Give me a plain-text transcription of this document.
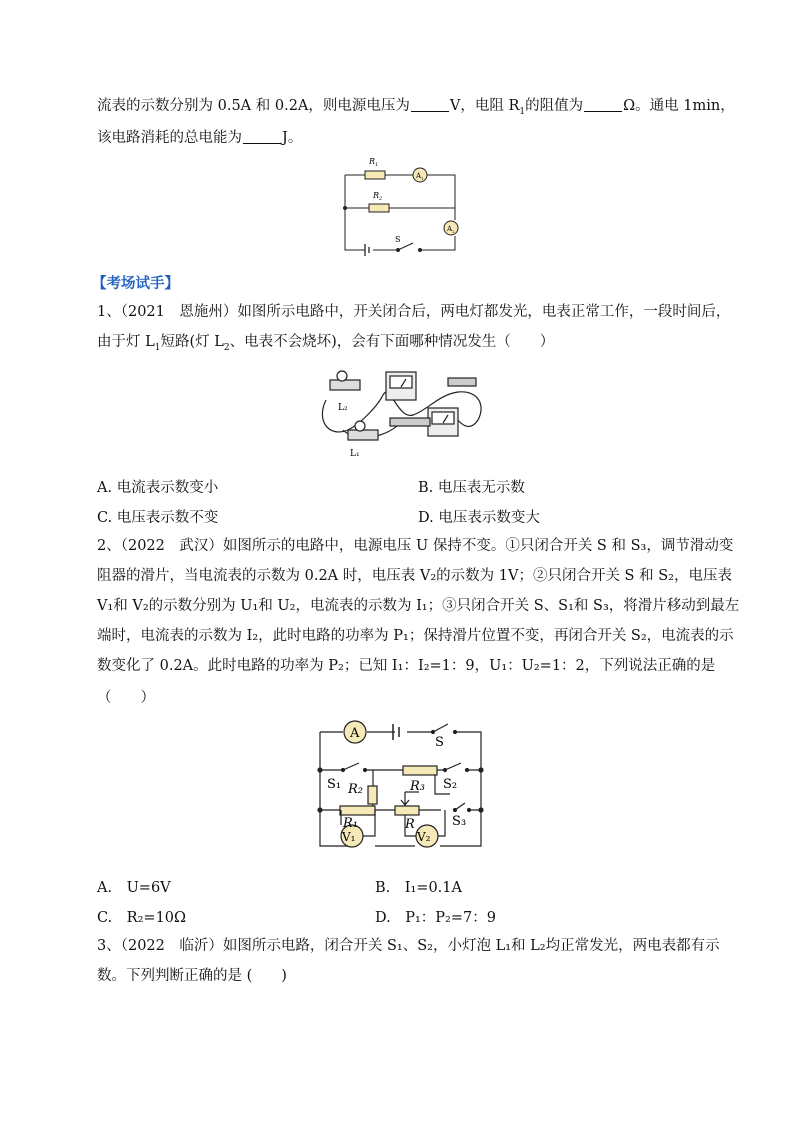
流表的示数分别为 0.5A 和 0.2A，则电源电压为	V，电阻 $R_1$的阻值为	Ω。通电 1min，
该电路消耗的总电能为	J。
$R_1$
$R_2$
$A_1$
$A_2$
S
【考场试手】
1、（2021　恩施州）如图所示电路中，开关闭合后，两电灯都发光，电表正常工作，一段时间后，
由于灯 $L_1$短路(灯 $L_2$、电表不会烧坏)，会有下面哪种情况发生（　　）
L₂
L₁
A. 电流表示数变小	B. 电压表无示数
C. 电压表示数不变	D. 电压表示数变大
2、（2022　武汉）如图所示的电路中，电源电压 U 保持不变。①只闭合开关 S 和 S₃，调节滑动变
阻器的滑片，当电流表的示数为 0.2A 时，电压表 V₂的示数为 1V；②只闭合开关 S 和 S₂，电压表
V₁和 V₂的示数分别为 U₁和 U₂，电流表的示数为 I₁；③只闭合开关 S、S₁和 S₃，将滑片移动到最左
端时，电流表的示数为 I₂，此时电路的功率为 P₁；保持滑片位置不变，再闭合开关 S₂，电流表的示
数变化了 0.2A。此时电路的功率为 P₂；已知 I₁：I₂=1：9，U₁：U₂=1：2，下列说法正确的是
（　　）
A
S
S₁	S₂
S₃
R₂	R₃
R₁	R
V₁	V₂
A.　U=6V	B.　I₁=0.1A
C.　R₂=10Ω	D.　P₁：P₂=7：9
3、（2022　临沂）如图所示电路，闭合开关 S₁、S₂，小灯泡 L₁和 L₂均正常发光，两电表都有示
数。下列判断正确的是 (　　)
